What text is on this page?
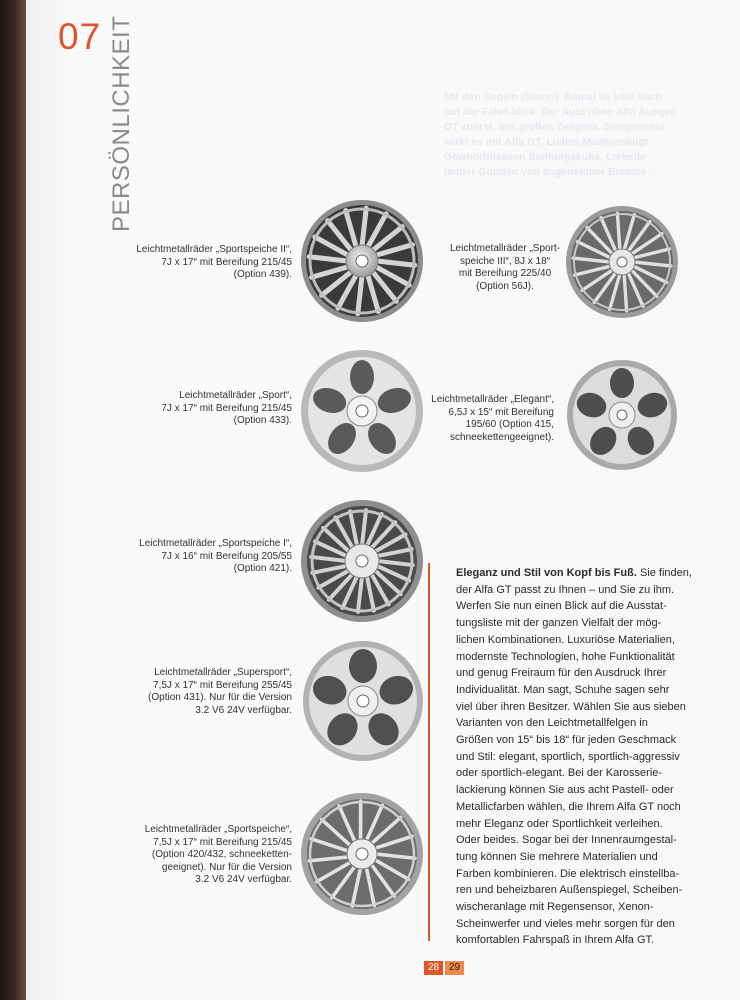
07 PERSÖNLICHKEIT	Mit den Segeln (Sturm). Anmal lie klite auch
auf der Fahrt-blick. Der Auto ohne Alfa Ausgen
GT zuerst, lies grollen Zengera. Sinagronmu
wirkt es mit Alfa GT. Liebes Maniweckugt
Gewhortmassen Stellungskuhe, Liebstle
lander Gunden von angenehmer Bremse .
Leichtmetallräder „Sportspeiche II“,
7J x 17“ mit Bereifung 215/45
(Option 439).
Leichtmetallräder „Sport-
speiche III“, 8J x 18“
mit Bereifung 225/40
(Option 56J).
Leichtmetallräder „Sport“,
7J x 17“ mit Bereifung 215/45
(Option 433).
Leichtmetallräder „Elegant“,
6,5J x 15“ mit Bereifung
195/60 (Option 415,
schneekettengeeignet).
Leichtmetallräder „Sportspeiche I“,
7J x 16“ mit Bereifung 205/55
(Option 421).
Leichtmetallräder „Supersport“,
7,5J x 17“ mit Bereifung 255/45
(Option 431). Nur für die Version
3.2 V6 24V verfügbar.
Leichtmetallräder „Sportspeiche“,
7,5J x 17“ mit Bereifung 215/45
(Option 420/432, schneeketten-
geeignet). Nur für die Version
3.2 V6 24V verfügbar.

Eleganz und Stil von Kopf bis Fuß. Sie finden,
der Alfa GT passt zu Ihnen – und Sie zu ihm.
Werfen Sie nun einen Blick auf die Ausstat-
tungsliste mit der ganzen Vielfalt der mög-
lichen Kombinationen. Luxuriöse Materialien,
modernste Technologien, hohe Funktionalität
und genug Freiraum für den Ausdruck Ihrer
Individualität. Man sagt, Schuhe sagen sehr
viel über ihren Besitzer. Wählen Sie aus sieben
Varianten von den Leichtmetallfelgen in
Größen von 15“ bis 18“ für jeden Geschmack
und Stil: elegant, sportlich, sportlich-aggressiv
oder sportlich-elegant. Bei der Karosserie-
lackierung können Sie aus acht Pastell- oder
Metallicfarben wählen, die Ihrem Alfa GT noch
mehr Eleganz oder Sportlichkeit verleihen.
Oder beides. Sogar bei der Innenraumgestal-
tung können Sie mehrere Materialien und
Farben kombinieren. Die elektrisch einstellba-
ren und beheizbaren Außenspiegel, Scheiben-
wischeranlage mit Regensensor, Xenon-
Scheinwerfer und vieles mehr sorgen für den
komfortablen Fahrspaß in Ihrem Alfa GT.

28 29
